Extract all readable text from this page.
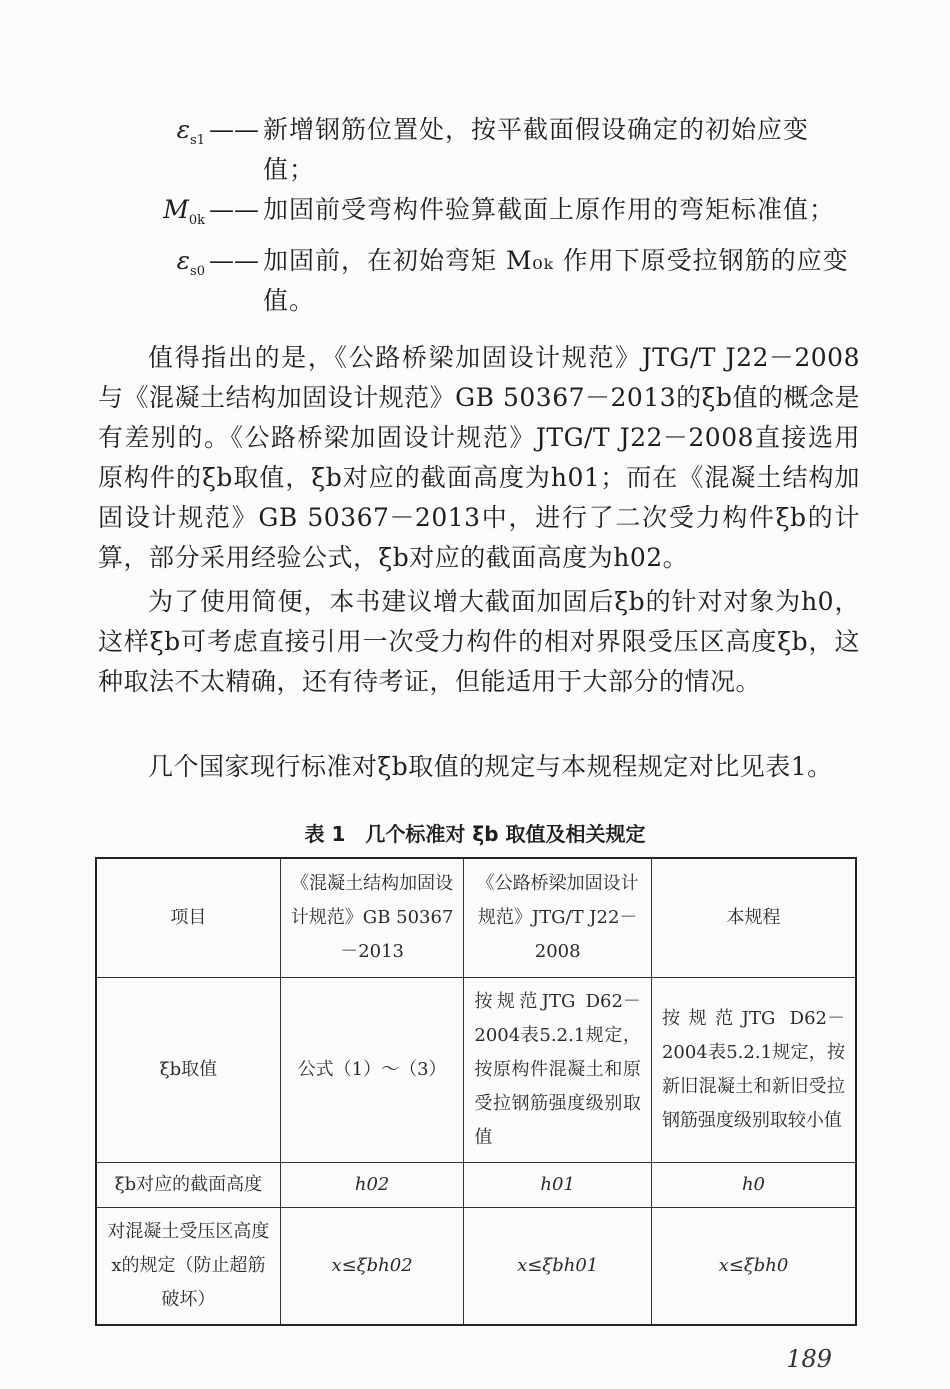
$\varepsilon_{s1}$ —— 新增钢筋位置处，按平截面假设确定的初始应变值；
$M_{0k}$ —— 加固前受弯构件验算截面上原作用的弯矩标准值；
$\varepsilon_{s0}$ —— 加固前，在初始弯矩 M₀ₖ 作用下原受拉钢筋的应变值。

值得指出的是，《公路桥梁加固设计规范》JTG/T J22－2008与《混凝土结构加固设计规范》GB 50367－2013的ξb值的概念是有差别的。《公路桥梁加固设计规范》JTG/T J22－2008直接选用原构件的ξb取值，ξb对应的截面高度为h01；而在《混凝土结构加固设计规范》GB 50367－2013中，进行了二次受力构件ξb的计算，部分采用经验公式，ξb对应的截面高度为h02。

为了使用简便，本书建议增大截面加固后ξb的针对对象为h0，这样ξb可考虑直接引用一次受力构件的相对界限受压区高度ξb，这种取法不太精确，还有待考证，但能适用于大部分的情况。

几个国家现行标准对ξb取值的规定与本规程规定对比见表1。

表 1　几个标准对 ξb 取值及相关规定
项目	《混凝土结构加固设计规范》GB 50367－2013	《公路桥梁加固设计规范》JTG/T J22－2008	本规程
ξb取值	公式（1）～（3）	按规范JTG D62－2004表5.2.1规定，按原构件混凝土和原受拉钢筋强度级别取值	按规范JTG D62－2004表5.2.1规定，按新旧混凝土和新旧受拉钢筋强度级别取较小值
ξb对应的截面高度	h02	h01	h0
对混凝土受压区高度x的规定（防止超筋破坏）	x≤ξbh02	x≤ξbh01	x≤ξbh0
189
